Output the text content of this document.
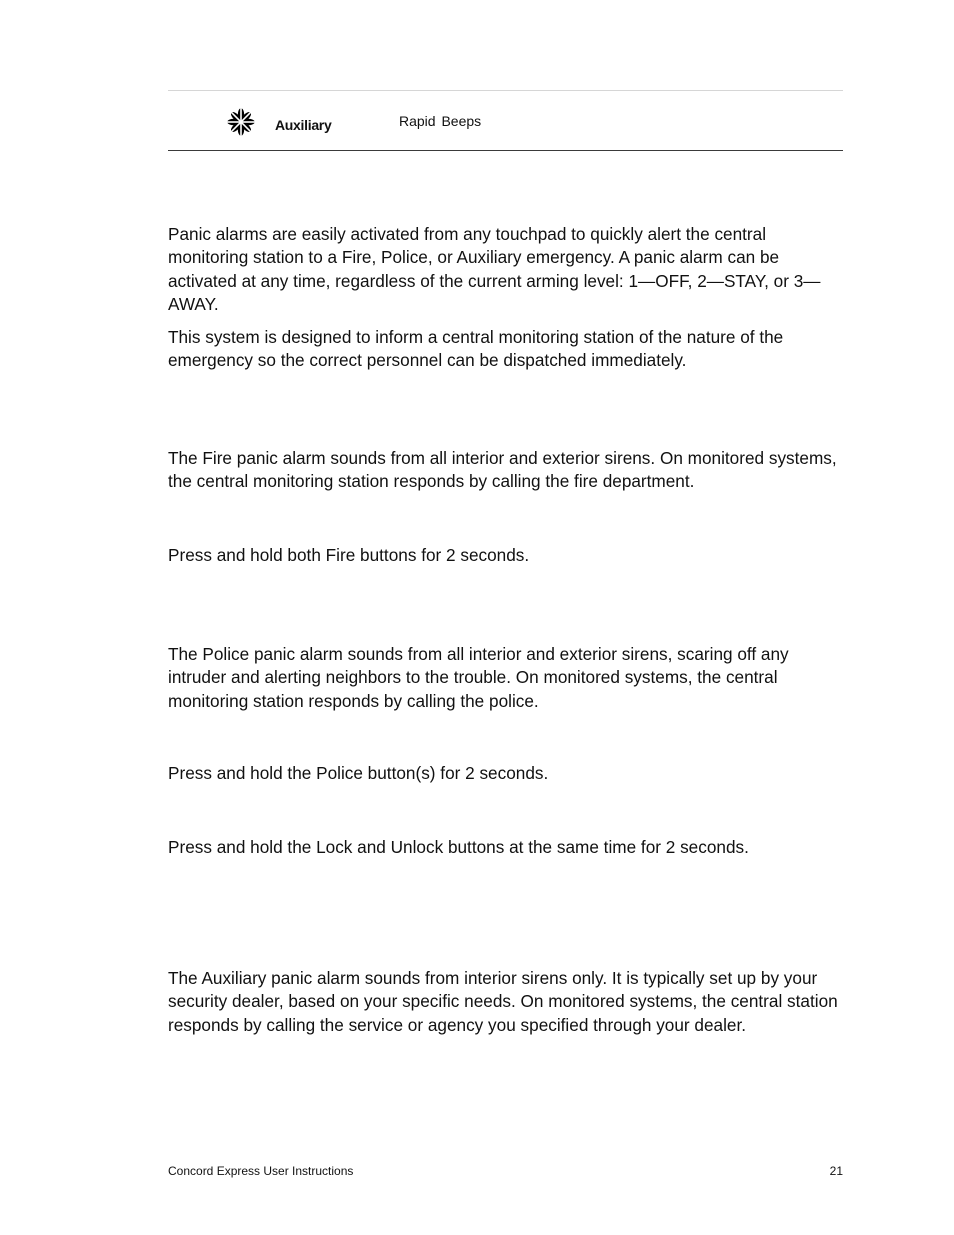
Auxiliary	Rapid Beeps

Panic alarms are easily activated from any touchpad to quickly alert the central monitoring station to a Fire, Police, or Auxiliary emergency. A panic alarm can be activated at any time, regardless of the current arming level: 1—OFF, 2—STAY, or 3—AWAY.

This system is designed to inform a central monitoring station of the nature of the emergency so the correct personnel can be dispatched immediately.

The Fire panic alarm sounds from all interior and exterior sirens. On monitored systems, the central monitoring station responds by calling the fire department.

Press and hold both Fire buttons for 2 seconds.

The Police panic alarm sounds from all interior and exterior sirens, scaring off any intruder and alerting neighbors to the trouble. On monitored systems, the central monitoring station responds by calling the police.

Press and hold the Police button(s) for 2 seconds.

Press and hold the Lock and Unlock buttons at the same time for 2 seconds.

The Auxiliary panic alarm sounds from interior sirens only. It is typically set up by your security dealer, based on your specific needs. On monitored systems, the central station responds by calling the service or agency you specified through your dealer.

Concord Express User Instructions	21
